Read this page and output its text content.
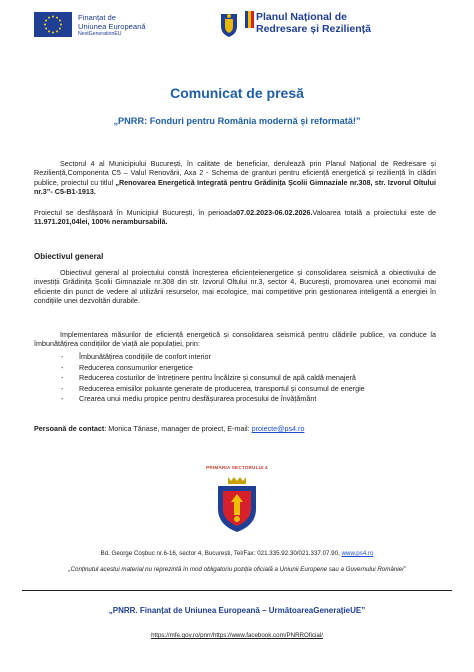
Finanțat de
Uniunea Europeană
NextGenerationEU
Planul Național de
Redresare și Reziliență
Comunicat de presă
„PNRR: Fonduri pentru România modernă și reformată!”
Sectorul 4 al Municipiului București, în calitate de beneficiar, derulează prin Planul Național de Redresare și Reziliență,Componenta C5 – Valul Renovării, Axa 2 - Schema de granturi pentru eficiență energetică și reziliență în clădiri publice, proiectul cu titlul „Renovarea Energetică Integrată pentru Grădinița Școlii Gimnaziale nr.308, str. Izvorul Oltului nr.3”- C5-B1-1913.
Proiectul se desfășoară în Municipiul București, în perioada07.02.2023-06.02.2026.Valoarea totală a proiectului este de 11.971.201,04lei, 100% nerambursabilă.
Obiectivul general
Obiectivul general al proiectului constă încreșterea eficiențeienergetice și consolidarea seismică a obiectivului de investiții Grădinița Școlii Gimnaziale nr.308 din str. Izvorul Oltului nr.3, sector 4, București, promovarea unei economii mai eficiente din punct de vedere al utilizării resurselor, mai ecologice, mai competitive prin gestionarea inteligentă a energiei în condițiile unei dezvoltări durabile.
Implementarea măsurilor de eficiență energetică și consolidarea seismică pentru clădirile publice, va conduce la îmbunătățirea condițiilor de viață ale populației, prin:
- Îmbunătățirea condițiile de confort interior
- Reducerea consumurilor energetice
- Reducerea costurilor de întreținere pentru încălzire și consumul de apă caldă menajeră
- Reducerea emisiilor poluante generate de producerea, transportul și consumul de energie
- Crearea unui mediu propice pentru desfășurarea procesului de învățământ
Persoană de contact: Monica Tănase, manager de proiect, E-mail: proiecte@ps4.ro
PRIMĂRIA SECTORULUI 4
Bd. George Coșbuc nr.6-16, sector 4, București, Tel/Fax: 021.335.92.30/021.337.07.90, www.ps4.ro
„Conținutul acestui material nu reprezintă în mod obligatoriu poziția oficială a Uniunii Europene sau a Guvernului României”
„PNRR. Finanțat de Uniunea Europeană – UrmătoareaGenerațieUE”
https://mfe.gov.ro/pnrr/https://www.facebook.com/PNRROficial/
